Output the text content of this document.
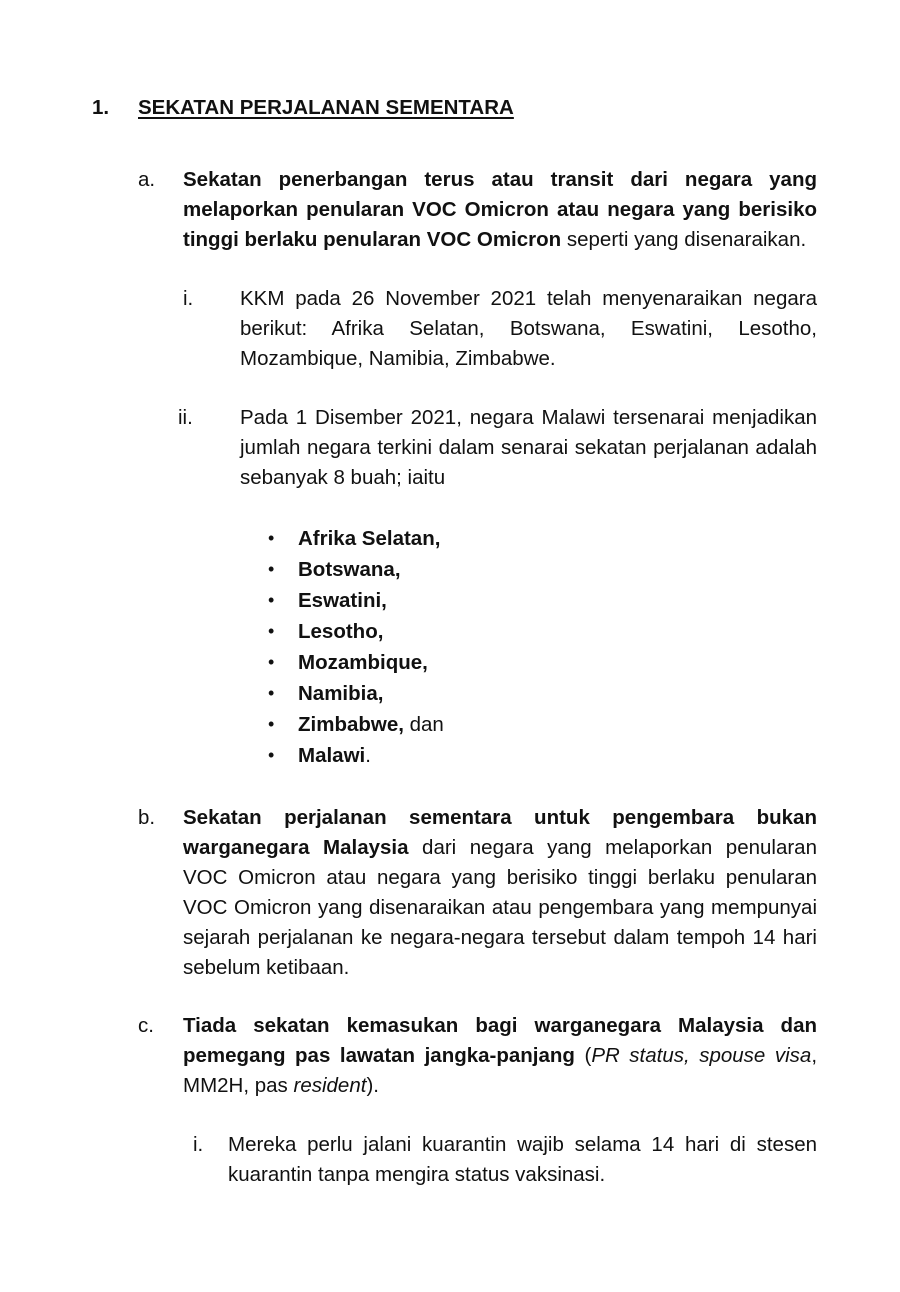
1. SEKATAN PERJALANAN SEMENTARA
a. Sekatan penerbangan terus atau transit dari negara yang melaporkan penularan VOC Omicron atau negara yang berisiko tinggi berlaku penularan VOC Omicron seperti yang disenaraikan.
i. KKM pada 26 November 2021 telah menyenaraikan negara berikut: Afrika Selatan, Botswana, Eswatini, Lesotho, Mozambique, Namibia, Zimbabwe.
ii. Pada 1 Disember 2021, negara Malawi tersenarai menjadikan jumlah negara terkini dalam senarai sekatan perjalanan adalah sebanyak 8 buah; iaitu
• Afrika Selatan,
• Botswana,
• Eswatini,
• Lesotho,
• Mozambique,
• Namibia,
• Zimbabwe, dan
• Malawi.
b. Sekatan perjalanan sementara untuk pengembara bukan warganegara Malaysia dari negara yang melaporkan penularan VOC Omicron atau negara yang berisiko tinggi berlaku penularan VOC Omicron yang disenaraikan atau pengembara yang mempunyai sejarah perjalanan ke negara-negara tersebut dalam tempoh 14 hari sebelum ketibaan.
c. Tiada sekatan kemasukan bagi warganegara Malaysia dan pemegang pas lawatan jangka-panjang (PR status, spouse visa, MM2H, pas resident).
i. Mereka perlu jalani kuarantin wajib selama 14 hari di stesen kuarantin tanpa mengira status vaksinasi.
